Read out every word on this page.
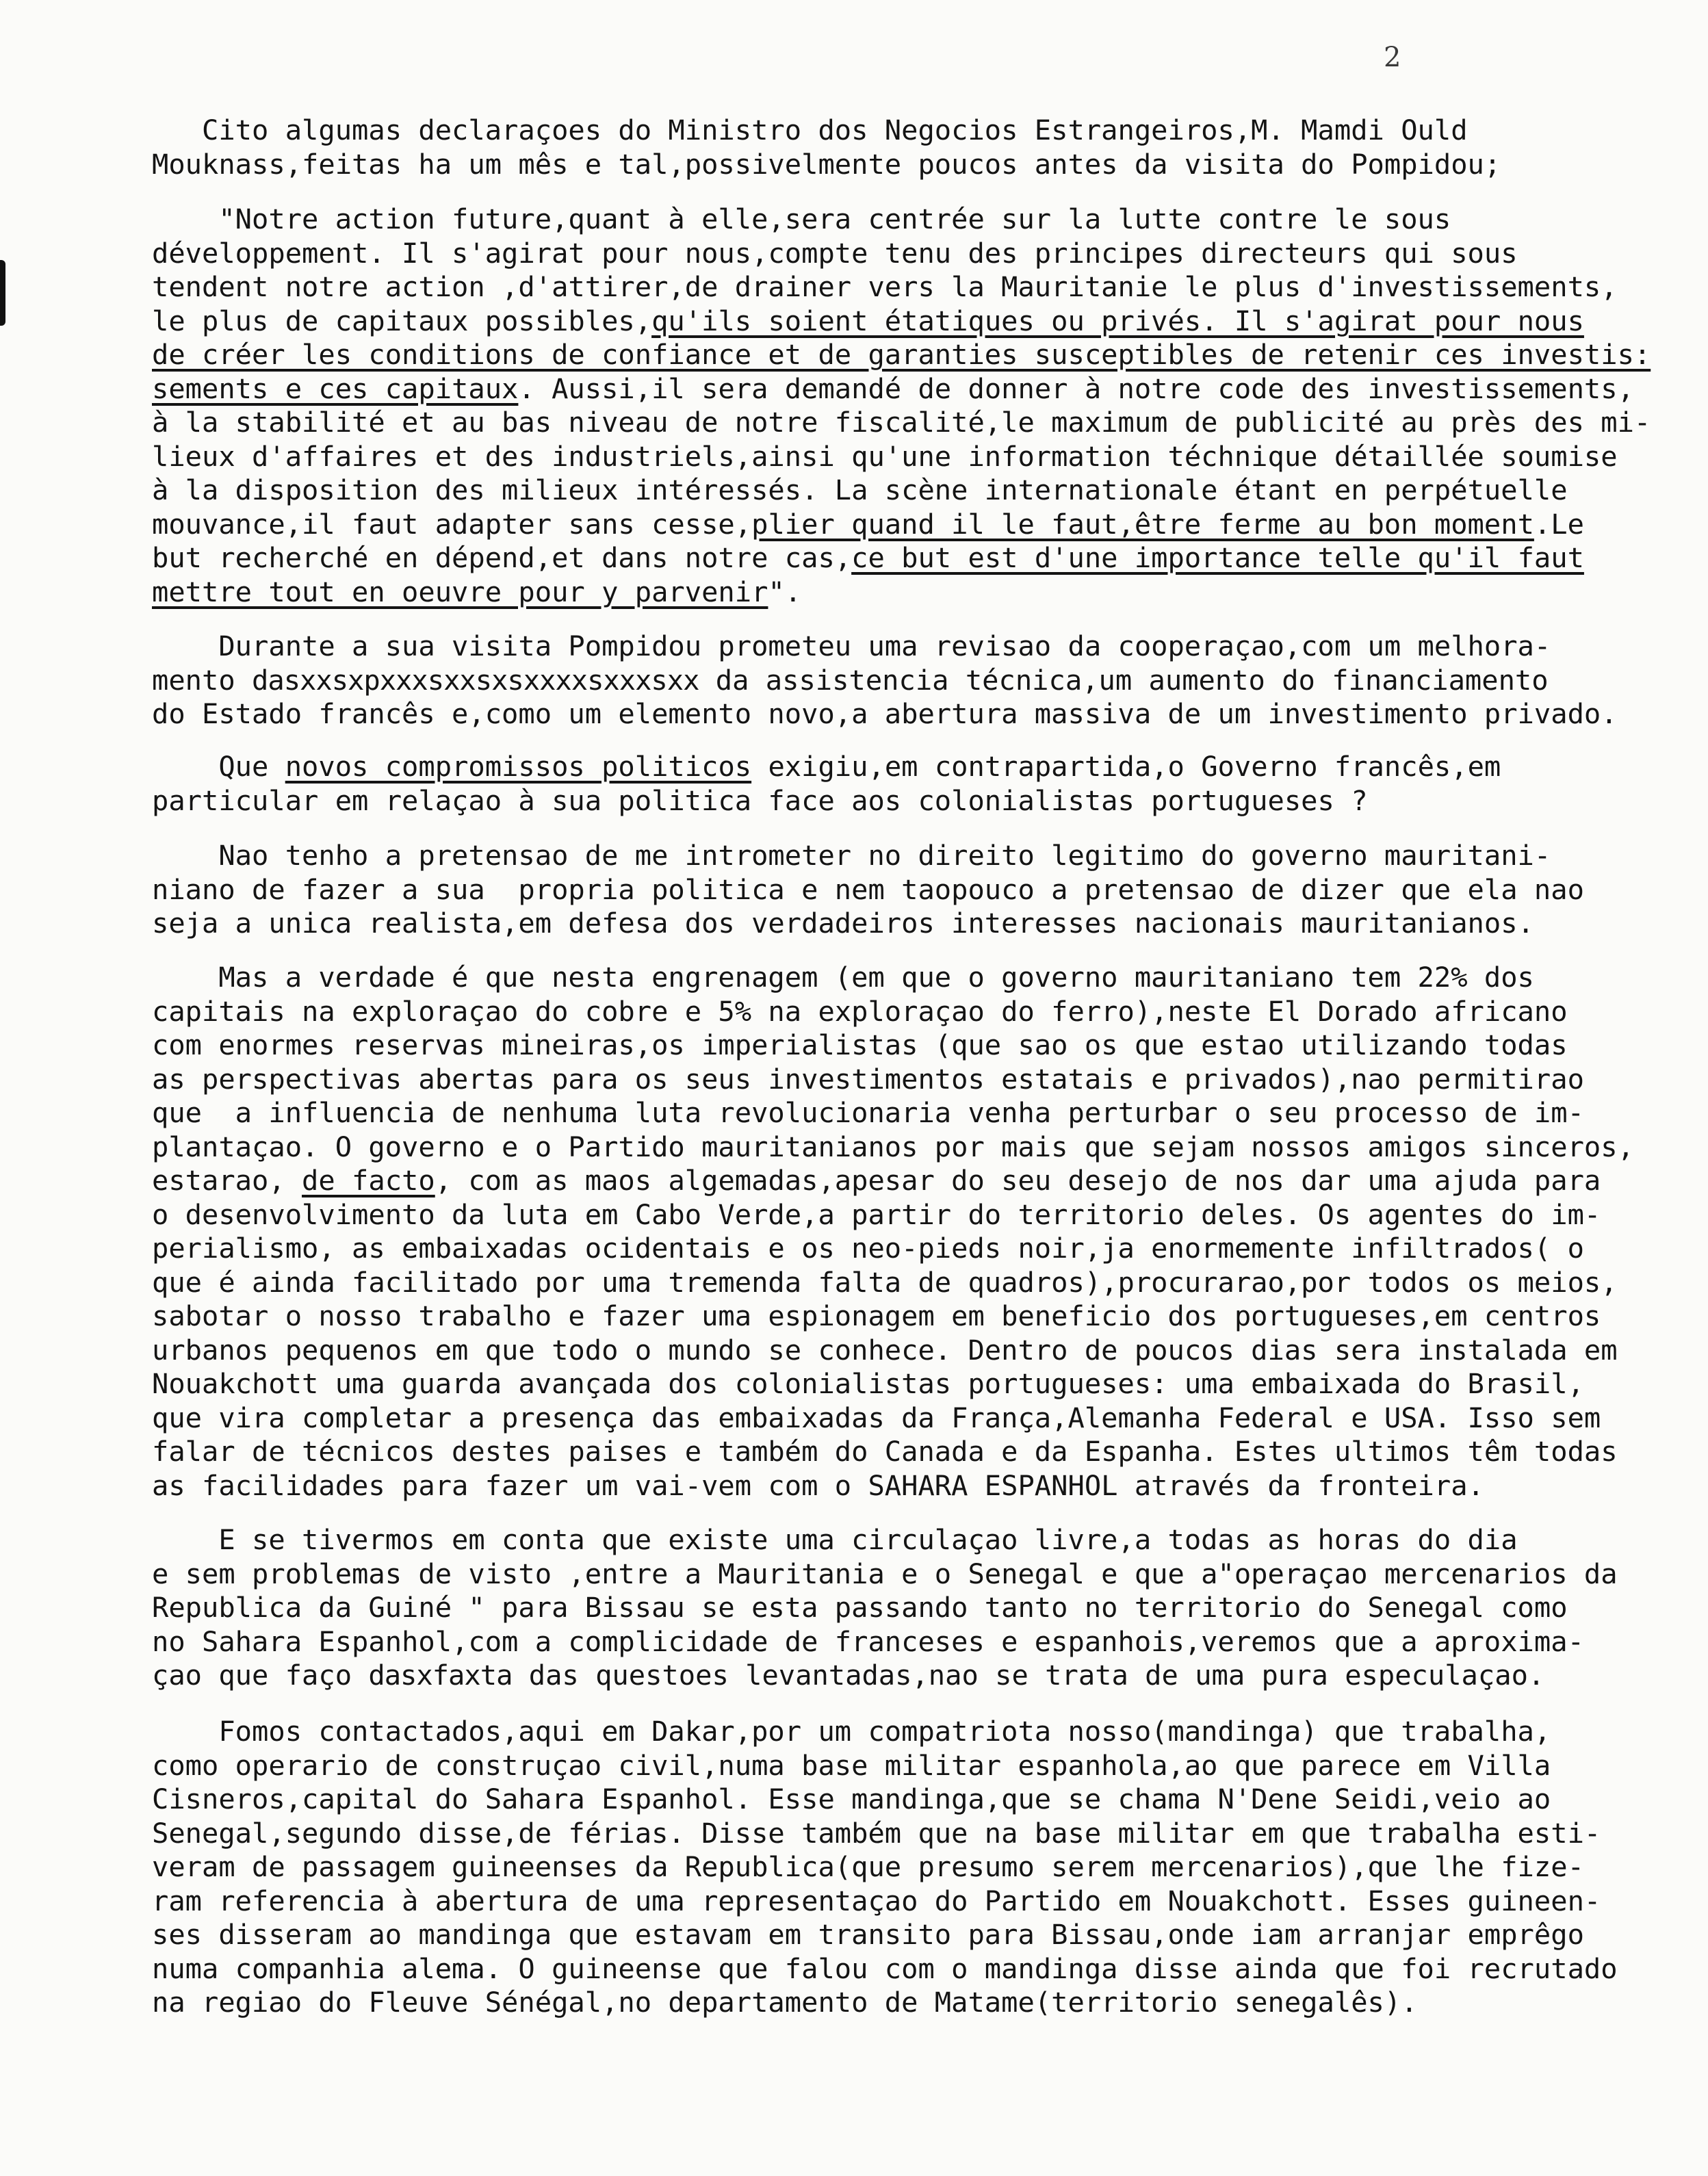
2
Cito algumas declaraçoes do Ministro dos Negocios Estrangeiros,M. Mamdi Ould
Mouknass,feitas ha um mês e tal,possivelmente poucos antes da visita do Pompidou;
"Notre action future,quant à elle,sera centrée sur la lutte contre le sous
développement. Il s'agirat pour nous,compte tenu des principes directeurs qui sous
tendent notre action ,d'attirer,de drainer vers la Mauritanie le plus d'investissements,
le plus de capitaux possibles,qu'ils soient étatiques ou privés. Il s'agirat pour nous
de créer les conditions de confiance et de garanties susceptibles de retenir ces investis:
sements e ces capitaux. Aussi,il sera demandé de donner à notre code des investissements,
à la stabilité et au bas niveau de notre fiscalité,le maximum de publicité au près des mi-
lieux d'affaires et des industriels,ainsi qu'une information téchnique détaillée soumise
à la disposition des milieux intéressés. La scène internationale étant en perpétuelle
mouvance,il faut adapter sans cesse,plier quand il le faut,être ferme au bon moment.Le
but recherché en dépend,et dans notre cas,ce but est d'une importance telle qu'il faut
mettre tout en oeuvre pour y parvenir".
Durante a sua visita Pompidou prometeu uma revisao da cooperaçao,com um melhora-
mento dasxxsxpxxxsxxsxsxxxxsxxxsxx da assistencia técnica,um aumento do financiamento
do Estado francês e,como um elemento novo,a abertura massiva de um investimento privado.
Que novos compromissos politicos exigiu,em contrapartida,o Governo francês,em
particular em relaçao à sua politica face aos colonialistas portugueses ?
Nao tenho a pretensao de me intrometer no direito legitimo do governo mauritani-
niano de fazer a sua  propria politica e nem taopouco a pretensao de dizer que ela nao
seja a unica realista,em defesa dos verdadeiros interesses nacionais mauritanianos.
Mas a verdade é que nesta engrenagem (em que o governo mauritaniano tem 22% dos
capitais na exploraçao do cobre e 5% na exploraçao do ferro),neste El Dorado africano
com enormes reservas mineiras,os imperialistas (que sao os que estao utilizando todas
as perspectivas abertas para os seus investimentos estatais e privados),nao permitirao
que  a influencia de nenhuma luta revolucionaria venha perturbar o seu processo de im-
plantaçao. O governo e o Partido mauritanianos por mais que sejam nossos amigos sinceros,
estarao, de facto, com as maos algemadas,apesar do seu desejo de nos dar uma ajuda para
o desenvolvimento da luta em Cabo Verde,a partir do territorio deles. Os agentes do im-
perialismo, as embaixadas ocidentais e os neo-pieds noir,ja enormemente infiltrados( o
que é ainda facilitado por uma tremenda falta de quadros),procurarao,por todos os meios,
sabotar o nosso trabalho e fazer uma espionagem em beneficio dos portugueses,em centros
urbanos pequenos em que todo o mundo se conhece. Dentro de poucos dias sera instalada em
Nouakchott uma guarda avançada dos colonialistas portugueses: uma embaixada do Brasil,
que vira completar a presença das embaixadas da França,Alemanha Federal e USA. Isso sem
falar de técnicos destes paises e também do Canada e da Espanha. Estes ultimos têm todas
as facilidades para fazer um vai-vem com o SAHARA ESPANHOL através da fronteira.
E se tivermos em conta que existe uma circulaçao livre,a todas as horas do dia
e sem problemas de visto ,entre a Mauritania e o Senegal e que a"operaçao mercenarios da
Republica da Guiné " para Bissau se esta passando tanto no territorio do Senegal como
no Sahara Espanhol,com a complicidade de franceses e espanhois,veremos que a aproxima-
çao que faço dasxfaxta das questoes levantadas,nao se trata de uma pura especulaçao.
Fomos contactados,aqui em Dakar,por um compatriota nosso(mandinga) que trabalha,
como operario de construçao civil,numa base militar espanhola,ao que parece em Villa
Cisneros,capital do Sahara Espanhol. Esse mandinga,que se chama N'Dene Seidi,veio ao
Senegal,segundo disse,de férias. Disse também que na base militar em que trabalha esti-
veram de passagem guineenses da Republica(que presumo serem mercenarios),que lhe fize-
ram referencia à abertura de uma representaçao do Partido em Nouakchott. Esses guineen-
ses disseram ao mandinga que estavam em transito para Bissau,onde iam arranjar emprêgo
numa companhia alema. O guineense que falou com o mandinga disse ainda que foi recrutado
na regiao do Fleuve Sénégal,no departamento de Matame(territorio senegalês).
